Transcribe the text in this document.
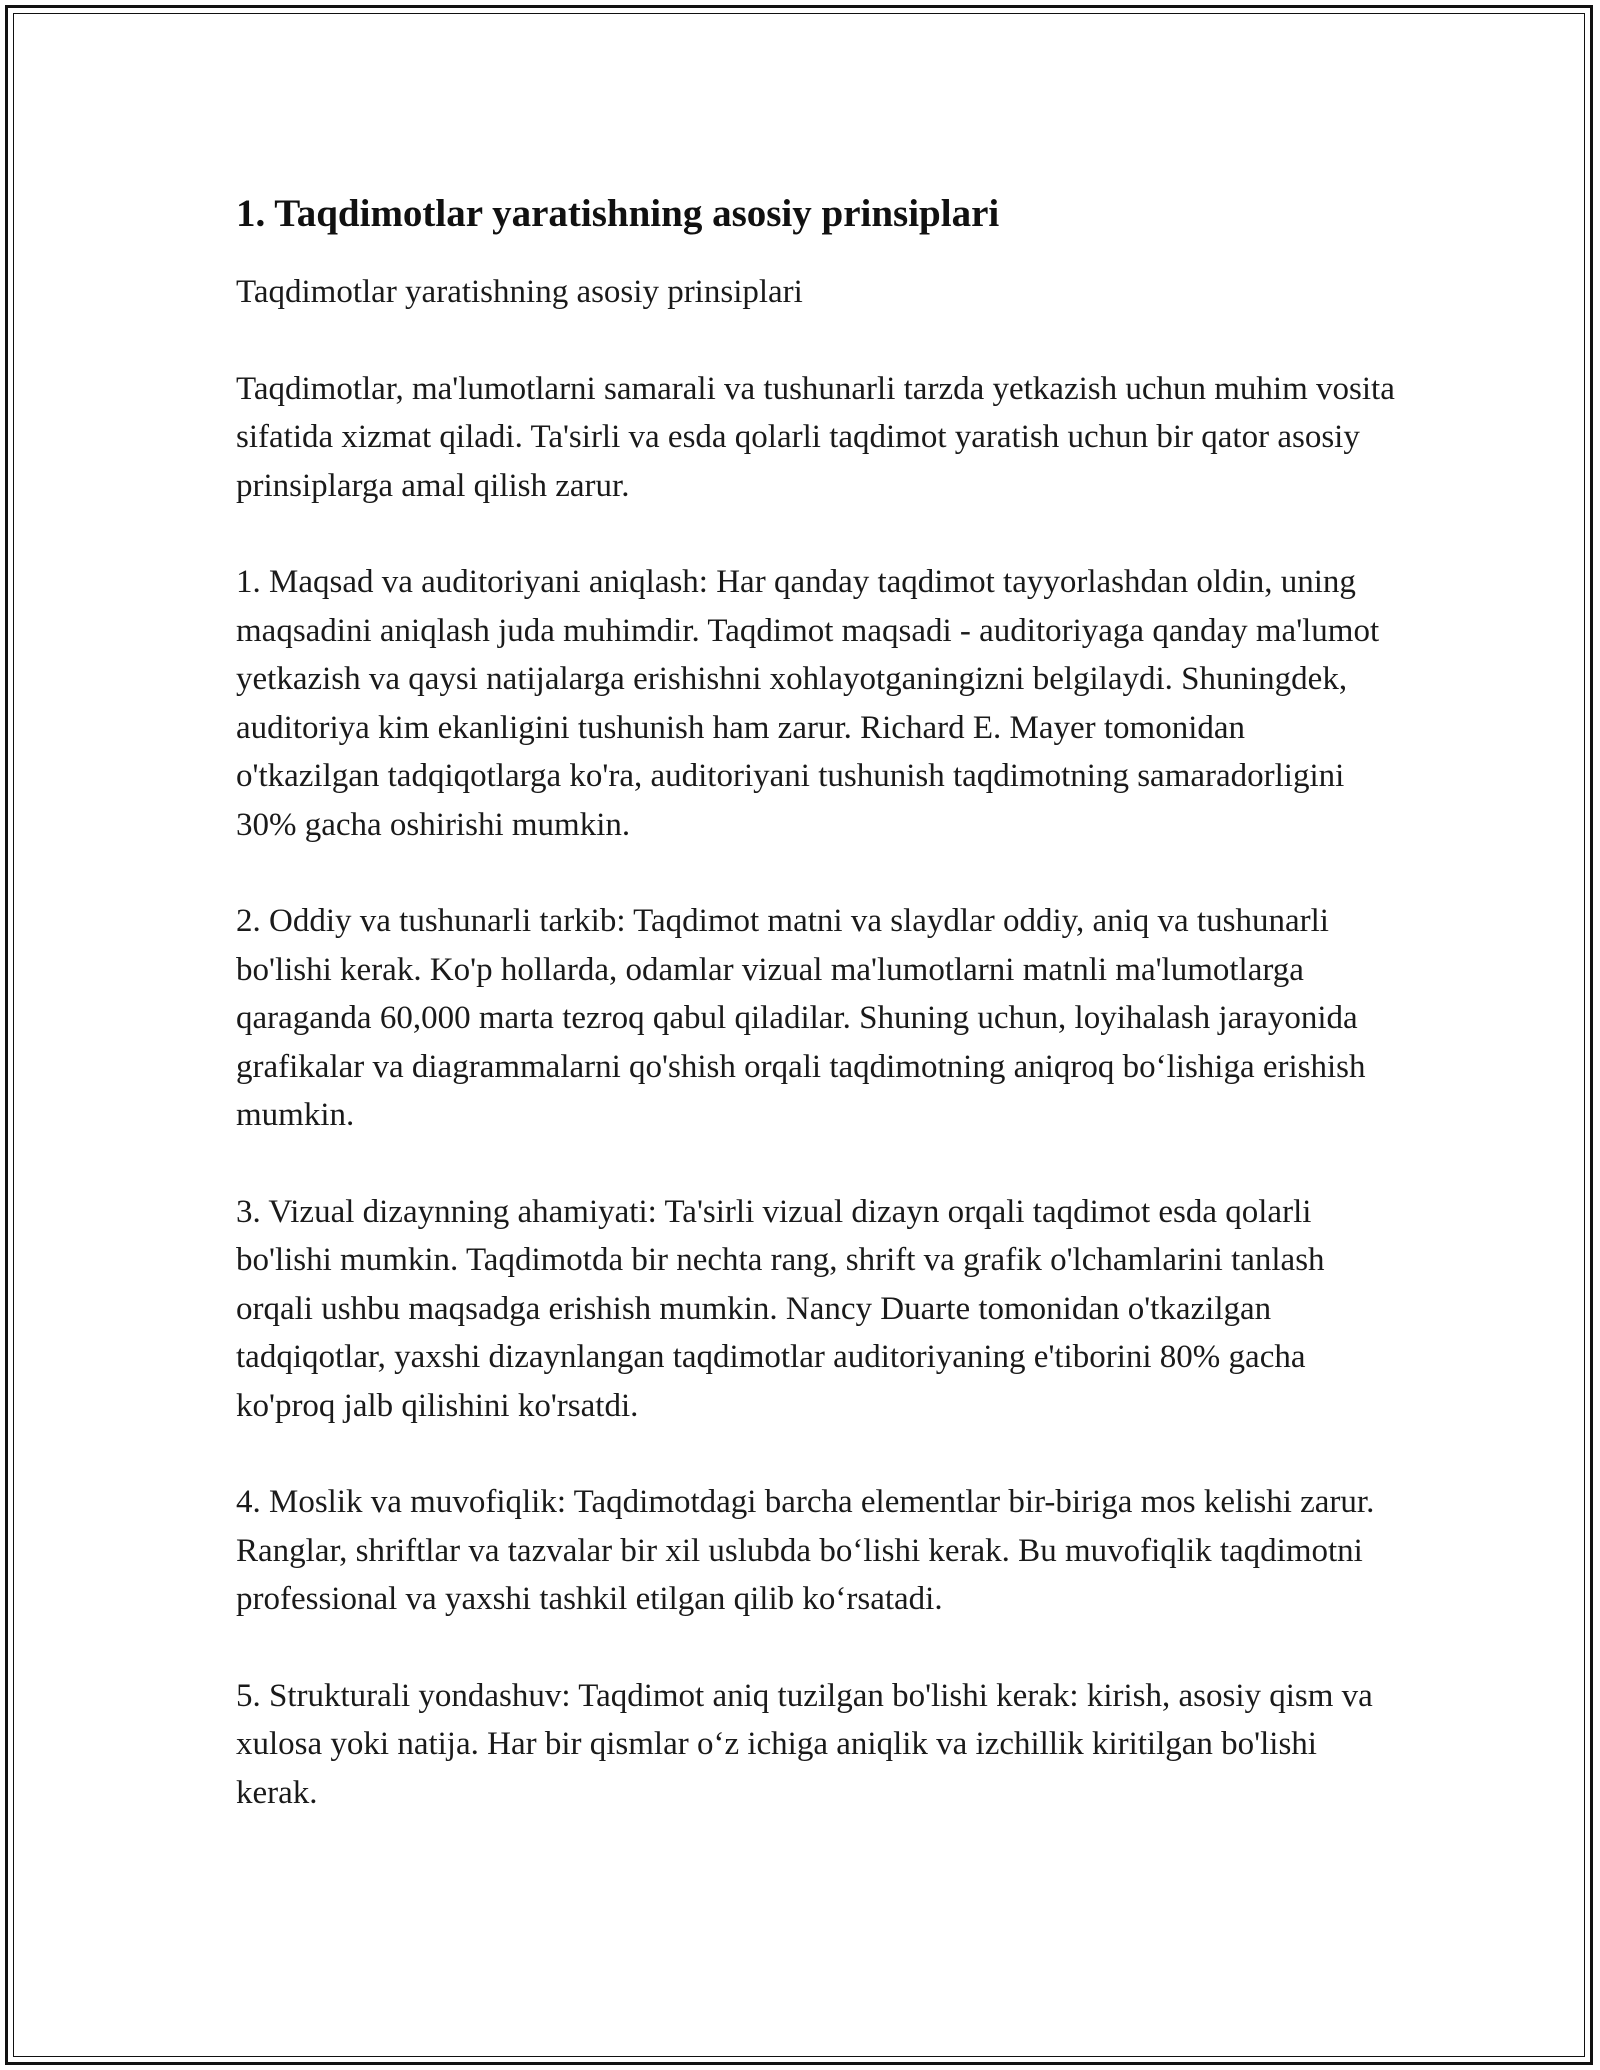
1. Taqdimotlar yaratishning asosiy prinsiplari

Taqdimotlar yaratishning asosiy prinsiplari

Taqdimotlar, ma'lumotlarni samarali va tushunarli tarzda yetkazish uchun muhim vosita sifatida xizmat qiladi. Ta'sirli va esda qolarli taqdimot yaratish uchun bir qator asosiy prinsiplarga amal qilish zarur.

1. Maqsad va auditoriyani aniqlash: Har qanday taqdimot tayyorlashdan oldin, uning maqsadini aniqlash juda muhimdir. Taqdimot maqsadi - auditoriyaga qanday ma'lumot yetkazish va qaysi natijalarga erishishni xohlayotganingizni belgilaydi. Shuningdek, auditoriya kim ekanligini tushunish ham zarur. Richard E. Mayer tomonidan o'tkazilgan tadqiqotlarga ko'ra, auditoriyani tushunish taqdimotning samaradorligini 30% gacha oshirishi mumkin.

2. Oddiy va tushunarli tarkib: Taqdimot matni va slaydlar oddiy, aniq va tushunarli bo'lishi kerak. Ko'p hollarda, odamlar vizual ma'lumotlarni matnli ma'lumotlarga qaraganda 60,000 marta tezroq qabul qiladilar. Shuning uchun, loyihalash jarayonida grafikalar va diagrammalarni qo'shish orqali taqdimotning aniqroq bo‘lishiga erishish mumkin.

3. Vizual dizaynning ahamiyati: Ta'sirli vizual dizayn orqali taqdimot esda qolarli bo'lishi mumkin. Taqdimotda bir nechta rang, shrift va grafik o'lchamlarini tanlash orqali ushbu maqsadga erishish mumkin. Nancy Duarte tomonidan o'tkazilgan tadqiqotlar, yaxshi dizaynlangan taqdimotlar auditoriyaning e'tiborini 80% gacha ko'proq jalb qilishini ko'rsatdi.

4. Moslik va muvofiqlik: Taqdimotdagi barcha elementlar bir-biriga mos kelishi zarur. Ranglar, shriftlar va tazvalar bir xil uslubda bo‘lishi kerak. Bu muvofiqlik taqdimotni professional va yaxshi tashkil etilgan qilib ko‘rsatadi.

5. Strukturali yondashuv: Taqdimot aniq tuzilgan bo'lishi kerak: kirish, asosiy qism va xulosa yoki natija. Har bir qismlar o‘z ichiga aniqlik va izchillik kiritilgan bo'lishi kerak.
